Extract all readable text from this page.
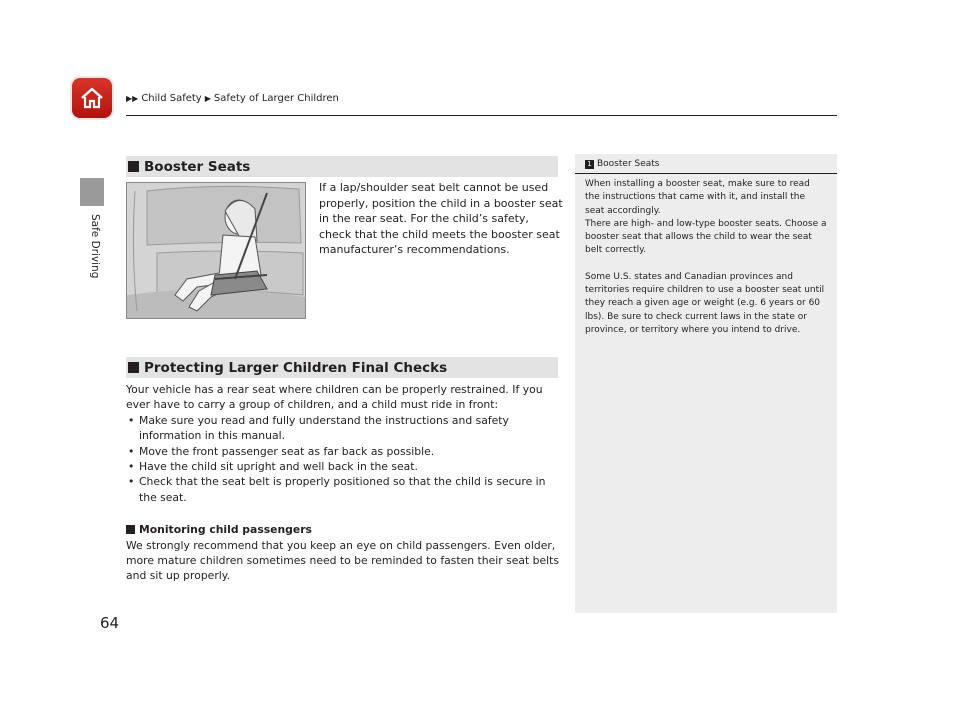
Safe Driving
▶▶ Child Safety ▶ Safety of Larger Children
Booster Seats
If a lap/shoulder seat belt cannot be used properly, position the child in a booster seat in the rear seat. For the child’s safety, check that the child meets the booster seat manufacturer’s recommendations.
Protecting Larger Children Final Checks
Your vehicle has a rear seat where children can be properly restrained. If you ever have to carry a group of children, and a child must ride in front:
• Make sure you read and fully understand the instructions and safety information in this manual.
• Move the front passenger seat as far back as possible.
• Have the child sit upright and well back in the seat.
• Check that the seat belt is properly positioned so that the child is secure in the seat.
Monitoring child passengers
We strongly recommend that you keep an eye on child passengers. Even older, more mature children sometimes need to be reminded to fasten their seat belts and sit up properly.
1 Booster Seats

When installing a booster seat, make sure to read the instructions that came with it, and install the seat accordingly.

There are high- and low-type booster seats. Choose a booster seat that allows the child to wear the seat belt correctly.

Some U.S. states and Canadian provinces and territories require children to use a booster seat until they reach a given age or weight (e.g. 6 years or 60 lbs). Be sure to check current laws in the state or province, or territory where you intend to drive.

64
